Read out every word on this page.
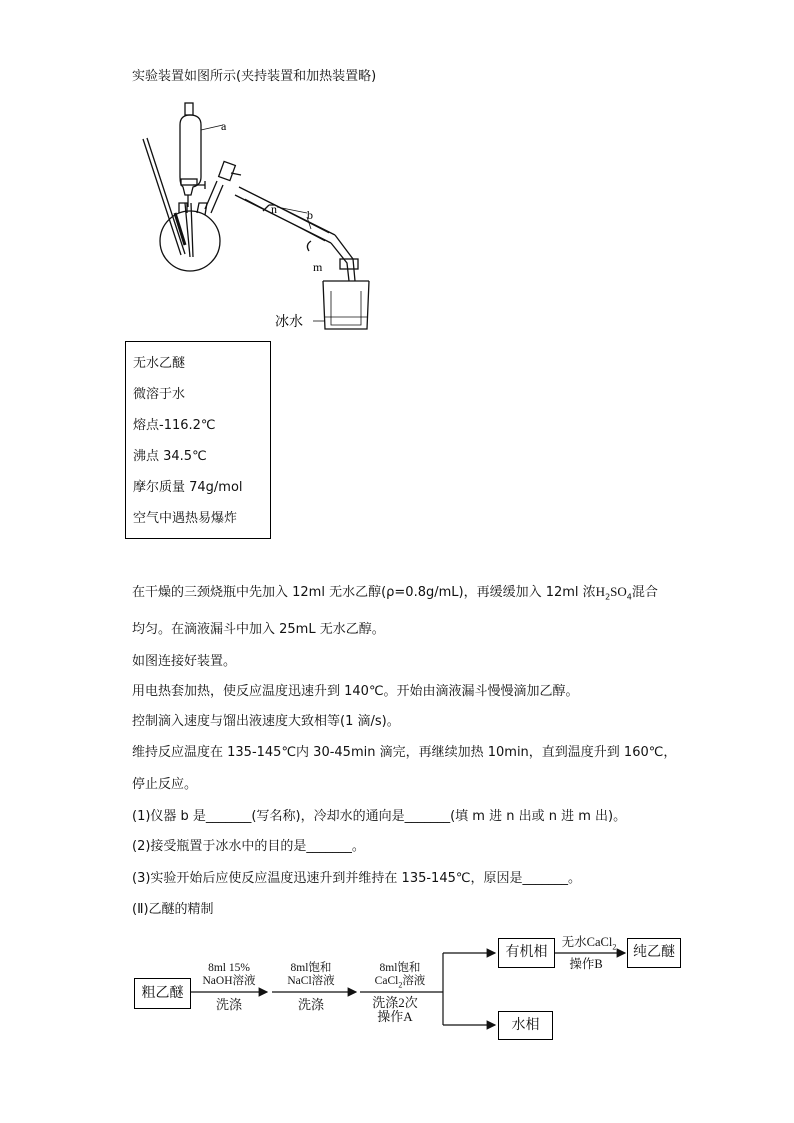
实验装置如图所示(夹持装置和加热装置略)
a
n	b
m
冰水
无水乙醚
微溶于水
熔点-116.2℃
沸点 34.5℃
摩尔质量 74g/mol
空气中遇热易爆炸
在干燥的三颈烧瓶中先加入 12ml 无水乙醇(ρ=0.8g/mL)，再缓缓加入 12ml 浓$H_2SO_4$混合
均匀。在滴液漏斗中加入 25mL 无水乙醇。
如图连接好装置。
用电热套加热，使反应温度迅速升到 140℃。开始由滴液漏斗慢慢滴加乙醇。
控制滴入速度与馏出液速度大致相等(1 滴/s)。
维持反应温度在 135-145℃内 30-45min 滴完，再继续加热 10min，直到温度升到 160℃，
停止反应。
(1)仪器 b 是_______(写名称)，冷却水的通向是_______(填 m 进 n 出或 n 进 m 出)。
(2)接受瓶置于冰水中的目的是_______。
(3)实验开始后应使反应温度迅速升到并维持在 135-145℃，原因是_______。
(Ⅱ)乙醚的精制
粗乙醚
8ml 15%
NaOH溶液
洗涤
8ml饱和
NaCl溶液
洗涤
8ml饱和
CaCl$_2$溶液
洗涤2次
操作A
有机相
水相
无水CaCl$_2$
操作B
纯乙醚
